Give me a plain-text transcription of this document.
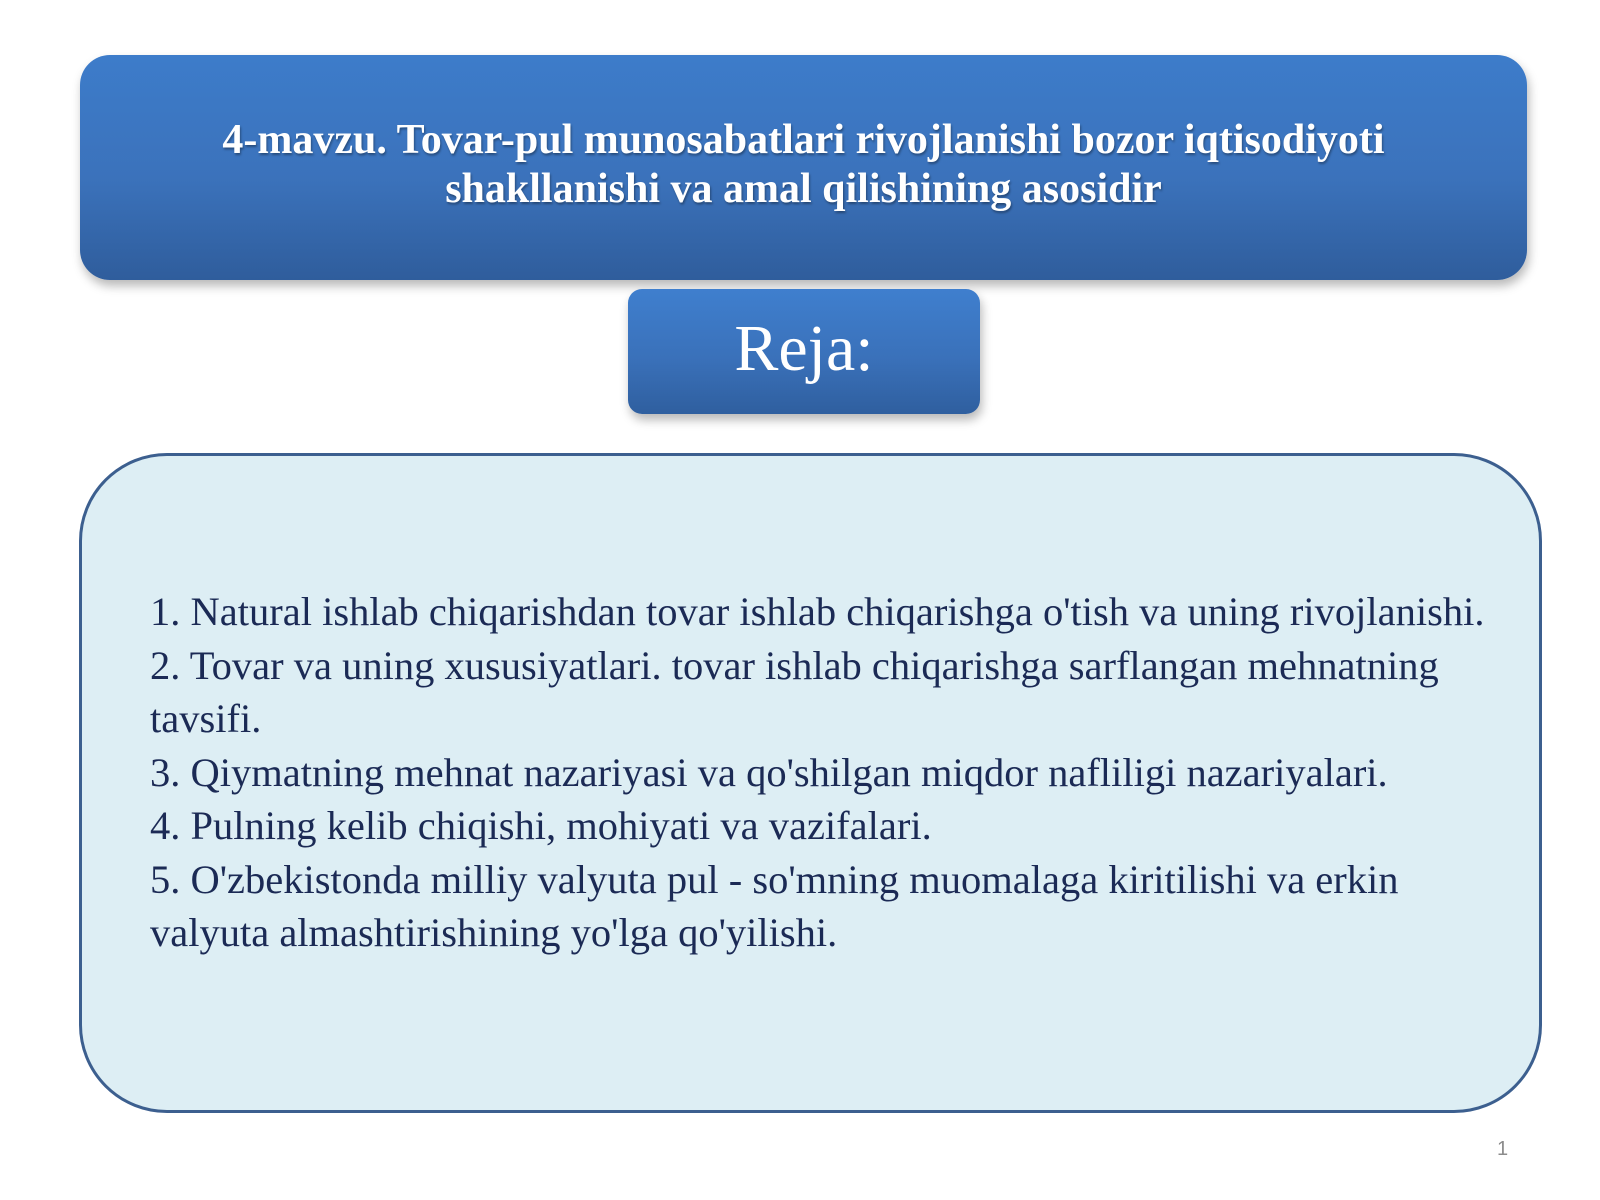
4-mavzu. Tovar-pul munosabatlari rivojlanishi bozor iqtisodiyoti shakllanishi va amal qilishining asosidir
Reja:
1. Natural ishlab chiqarishdan tovar ishlab chiqarishga o'tish va uning rivojlanishi.
2. Tovar va uning xususiyatlari. tovar ishlab chiqarishga sarflangan mehnatning tavsifi.
3. Qiymatning mehnat nazariyasi va qo'shilgan miqdor nafliligi nazariyalari.
4. Pulning kelib chiqishi, mohiyati va vazifalari.
5. O'zbekistonda milliy valyuta pul - so'mning muomalaga kiritilishi va erkin valyuta almashtirishining yo'lga qo'yilishi.
1
